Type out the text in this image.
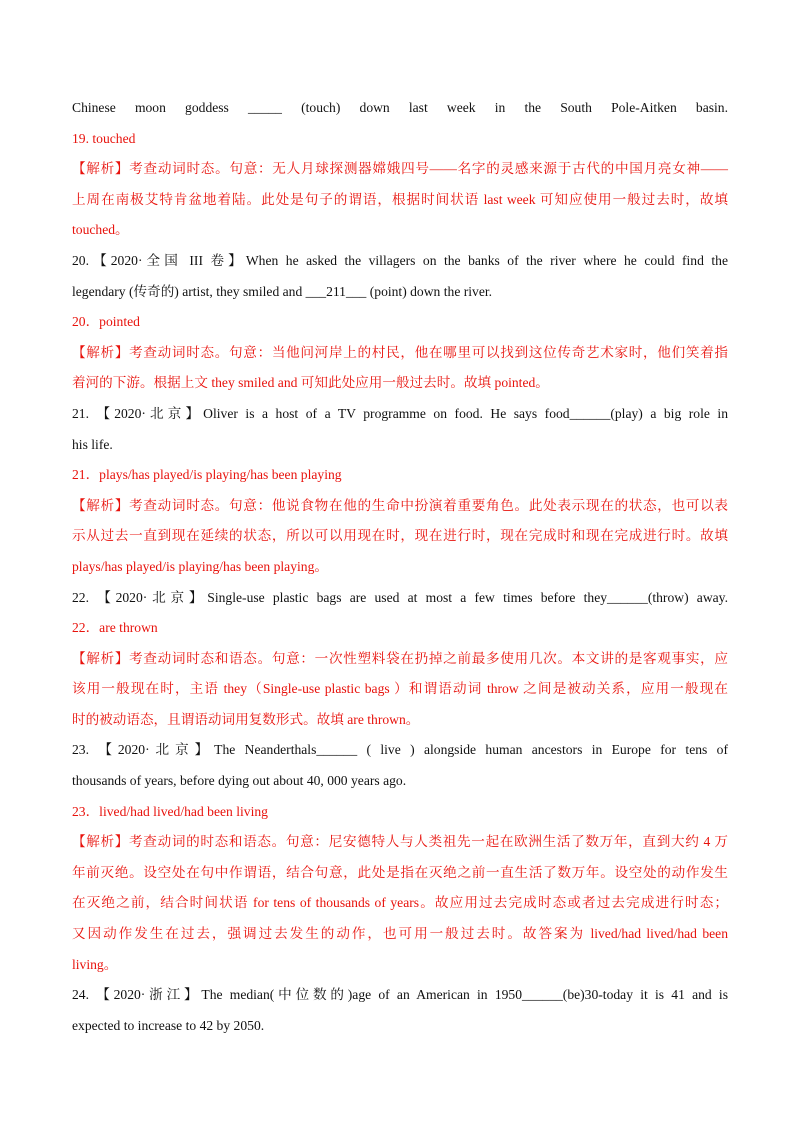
Chinese moon goddess _____ (touch) down last week in the South Pole-Aitken basin.
19. touched
【解析】考查动词时态。句意：无人月球探测器嫦娥四号——名字的灵感来源于古代的中国月亮女神——
上周在南极艾特肯盆地着陆。此处是句子的谓语，根据时间状语 last week 可知应使用一般过去时，故填
touched。
20.【2020·全国 III 卷】When he asked the villagers on the banks of the river where he could find the
legendary (传奇的) artist, they smiled and ___211___ (point) down the river.
20．pointed
【解析】考查动词时态。句意：当他问河岸上的村民，他在哪里可以找到这位传奇艺术家时，他们笑着指
着河的下游。根据上文 they smiled and 可知此处应用一般过去时。故填 pointed。
21. 【2020·北京】Oliver is a host of a TV programme on food. He says food______(play) a big role in
his life.
21．plays/has played/is playing/has been playing
【解析】考查动词时态。句意：他说食物在他的生命中扮演着重要角色。此处表示现在的状态，也可以表
示从过去一直到现在延续的状态，所以可以用现在时，现在进行时，现在完成时和现在完成进行时。故填
plays/has played/is playing/has been playing。
22. 【2020·北京】Single-use plastic bags are used at most a few times before they______(throw) away.
22．are thrown
【解析】考查动词时态和语态。句意：一次性塑料袋在扔掉之前最多使用几次。本文讲的是客观事实，应
该用一般现在时，主语 they（Single-use plastic bags ）和谓语动词 throw 之间是被动关系，应用一般现在
时的被动语态，且谓语动词用复数形式。故填 are thrown。
23. 【2020·北京】The Neanderthals______ ( live ) alongside human ancestors in Europe for tens of
thousands of years, before dying out about 40, 000 years ago.
23．lived/had lived/had been living
【解析】考查动词的时态和语态。句意：尼安德特人与人类祖先一起在欧洲生活了数万年，直到大约 4 万
年前灭绝。设空处在句中作谓语，结合句意，此处是指在灭绝之前一直生活了数万年。设空处的动作发生
在灭绝之前，结合时间状语 for tens of thousands of years。故应用过去完成时态或者过去完成进行时态；
又因动作发生在过去，强调过去发生的动作，也可用一般过去时。故答案为 lived/had lived/had been
living。
24. 【2020·浙江】The median(中位数的)age of an American in 1950______(be)30-today it is 41 and is
expected to increase to 42 by 2050.
